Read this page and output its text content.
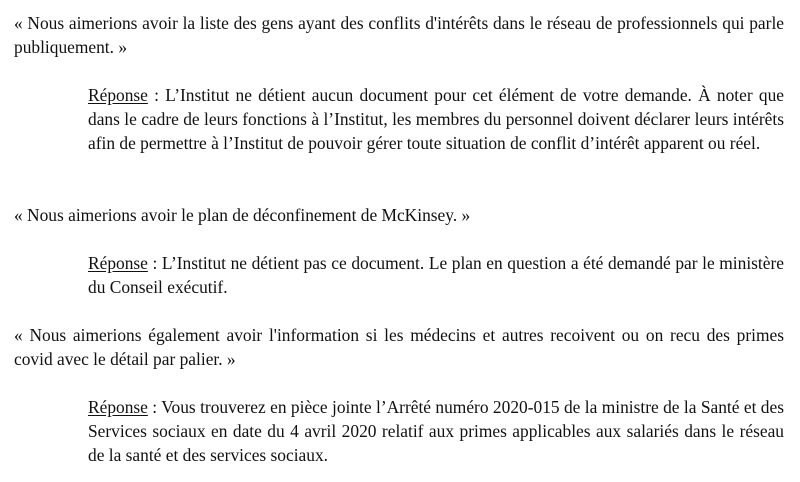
« Nous aimerions avoir la liste des gens ayant des conflits d'intérêts dans le réseau de professionnels qui parle publiquement. »

Réponse : L’Institut ne détient aucun document pour cet élément de votre demande. À noter que dans le cadre de leurs fonctions à l’Institut, les membres du personnel doivent déclarer leurs intérêts afin de permettre à l’Institut de pouvoir gérer toute situation de conflit d’intérêt apparent ou réel.

« Nous aimerions avoir le plan de déconfinement de McKinsey. »

Réponse : L’Institut ne détient pas ce document. Le plan en question a été demandé par le ministère du Conseil exécutif.

« Nous aimerions également avoir l'information si les médecins et autres recoivent ou on recu des primes covid avec le détail par palier. »

Réponse : Vous trouverez en pièce jointe l’Arrêté numéro 2020-015 de la ministre de la Santé et des Services sociaux en date du 4 avril 2020 relatif aux primes applicables aux salariés dans le réseau de la santé et des services sociaux.
